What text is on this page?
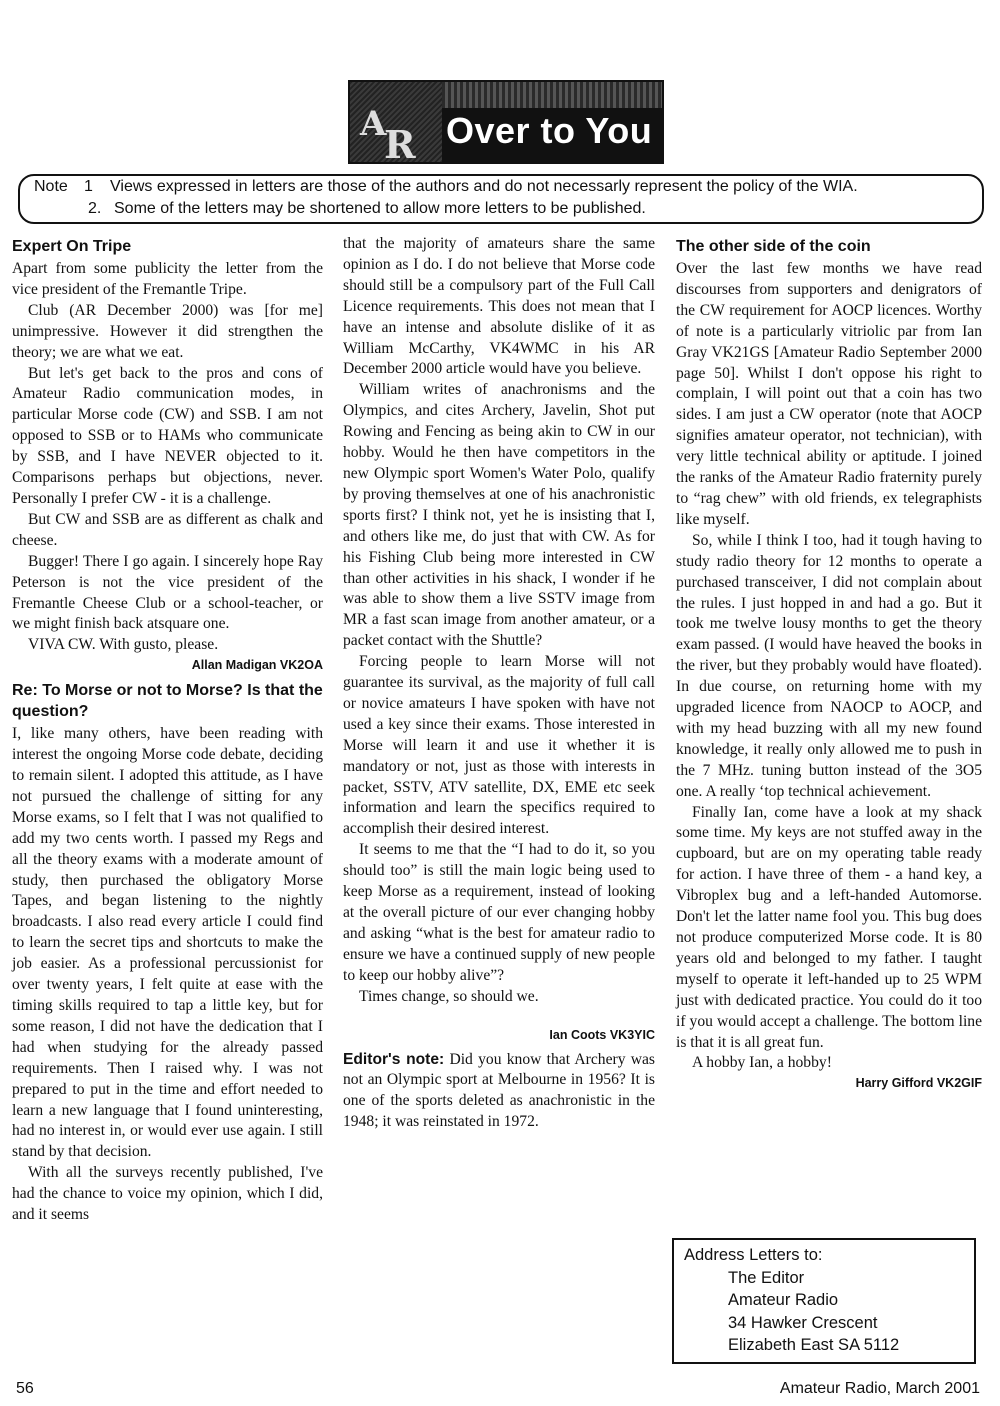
A
R Over to You
Note 1 Views expressed in letters are those of the authors and do not necessarly represent the policy of the WIA.
2. Some of the letters may be shortened to allow more letters to be published.
Expert On Tripe

Apart from some publicity the letter from the vice president of the Fremantle Tripe.

Club (AR December 2000) was [for me] unimpressive. However it did strengthen the theory; we are what we eat.

But let's get back to the pros and cons of Amateur Radio communication modes, in particular Morse code (CW) and SSB. I am not opposed to SSB or to HAMs who communicate by SSB, and I have NEVER objected to it. Comparisons perhaps but objections, never. Personally I prefer CW - it is a challenge.

But CW and SSB are as different as chalk and cheese.

Bugger! There I go again. I sincerely hope Ray Peterson is not the vice president of the Fremantle Cheese Club or a school-teacher, or we might finish back atsquare one.

VIVA CW. With gusto, please.

Allan Madigan VK2OA
Re: To Morse or not to Morse? Is that the question?

I, like many others, have been reading with interest the ongoing Morse code debate, deciding to remain silent. I adopted this attitude, as I have not pursued the challenge of sitting for any Morse exams, so I felt that I was not qualified to add my two cents worth. I passed my Regs and all the theory exams with a moderate amount of study, then purchased the obligatory Morse Tapes, and began listening to the nightly broadcasts. I also read every article I could find to learn the secret tips and shortcuts to make the job easier. As a professional percussionist for over twenty years, I felt quite at ease with the timing skills required to tap a little key, but for some reason, I did not have the dedication that I had when studying for the already passed requirements. Then I raised why. I was not prepared to put in the time and effort needed to learn a new language that I found uninteresting, had no interest in, or would ever use again. I still stand by that decision.

With all the surveys recently published, I've had the chance to voice my opinion, which I did, and it seems

that the majority of amateurs share the same opinion as I do. I do not believe that Morse code should still be a compulsory part of the Full Call Licence requirements. This does not mean that I have an intense and absolute dislike of it as William McCarthy, VK4WMC in his AR December 2000 article would have you believe.

William writes of anachronisms and the Olympics, and cites Archery, Javelin, Shot put Rowing and Fencing as being akin to CW in our hobby. Would he then have competitors in the new Olympic sport Women's Water Polo, qualify by proving themselves at one of his anachronistic sports first? I think not, yet he is insisting that I, and others like me, do just that with CW. As for his Fishing Club being more interested in CW than other activities in his shack, I wonder if he was able to show them a live SSTV image from MR a fast scan image from another amateur, or a packet contact with the Shuttle?

Forcing people to learn Morse will not guarantee its survival, as the majority of full call or novice amateurs I have spoken with have not used a key since their exams. Those interested in Morse will learn it and use it whether it is mandatory or not, just as those with interests in packet, SSTV, ATV satellite, DX, EME etc seek information and learn the specifics required to accomplish their desired interest.

It seems to me that the “I had to do it, so you should too” is still the main logic being used to keep Morse as a requirement, instead of looking at the overall picture of our ever changing hobby and asking “what is the best for amateur radio to ensure we have a continued supply of new people to keep our hobby alive”?

Times change, so should we.

Ian Coots VK3YIC

Editor's note: Did you know that Archery was not an Olympic sport at Melbourne in 1956? It is one of the sports deleted as anachronistic in the 1948; it was reinstated in 1972.

The other side of the coin

Over the last few months we have read discourses from supporters and denigrators of the CW requirement for AOCP licences. Worthy of note is a particularly vitriolic par from Ian Gray VK21GS [Amateur Radio September 2000 page 50]. Whilst I don't oppose his right to complain, I will point out that a coin has two sides. I am just a CW operator (note that AOCP signifies amateur operator, not technician), with very little technical ability or aptitude. I joined the ranks of the Amateur Radio fraternity purely to “rag chew” with old friends, ex telegraphists like myself.

So, while I think I too, had it tough having to study radio theory for 12 months to operate a purchased transceiver, I did not complain about the rules. I just hopped in and had a go. But it took me twelve lousy months to get the theory exam passed. (I would have heaved the books in the river, but they probably would have floated). In due course, on returning home with my upgraded licence from NAOCP to AOCP, and with my head buzzing with all my new found knowledge, it really only allowed me to push in the 7 MHz. tuning button instead of the 3O5 one. A really ‘top technical achievement.

Finally Ian, come have a look at my shack some time. My keys are not stuffed away in the cupboard, but are on my operating table ready for action. I have three of them - a hand key, a Vibroplex bug and a left-handed Automorse. Don't let the latter name fool you. This bug does not produce computerized Morse code. It is 80 years old and belonged to my father. I taught myself to operate it left-handed up to 25 WPM just with dedicated practice. You could do it too if you would accept a challenge. The bottom line is that it is all great fun.

A hobby Ian, a hobby!

Harry Gifford VK2GIF
Address Letters to:
The Editor
Amateur Radio
34 Hawker Crescent
Elizabeth East SA 5112
56	Amateur Radio, March 2001
